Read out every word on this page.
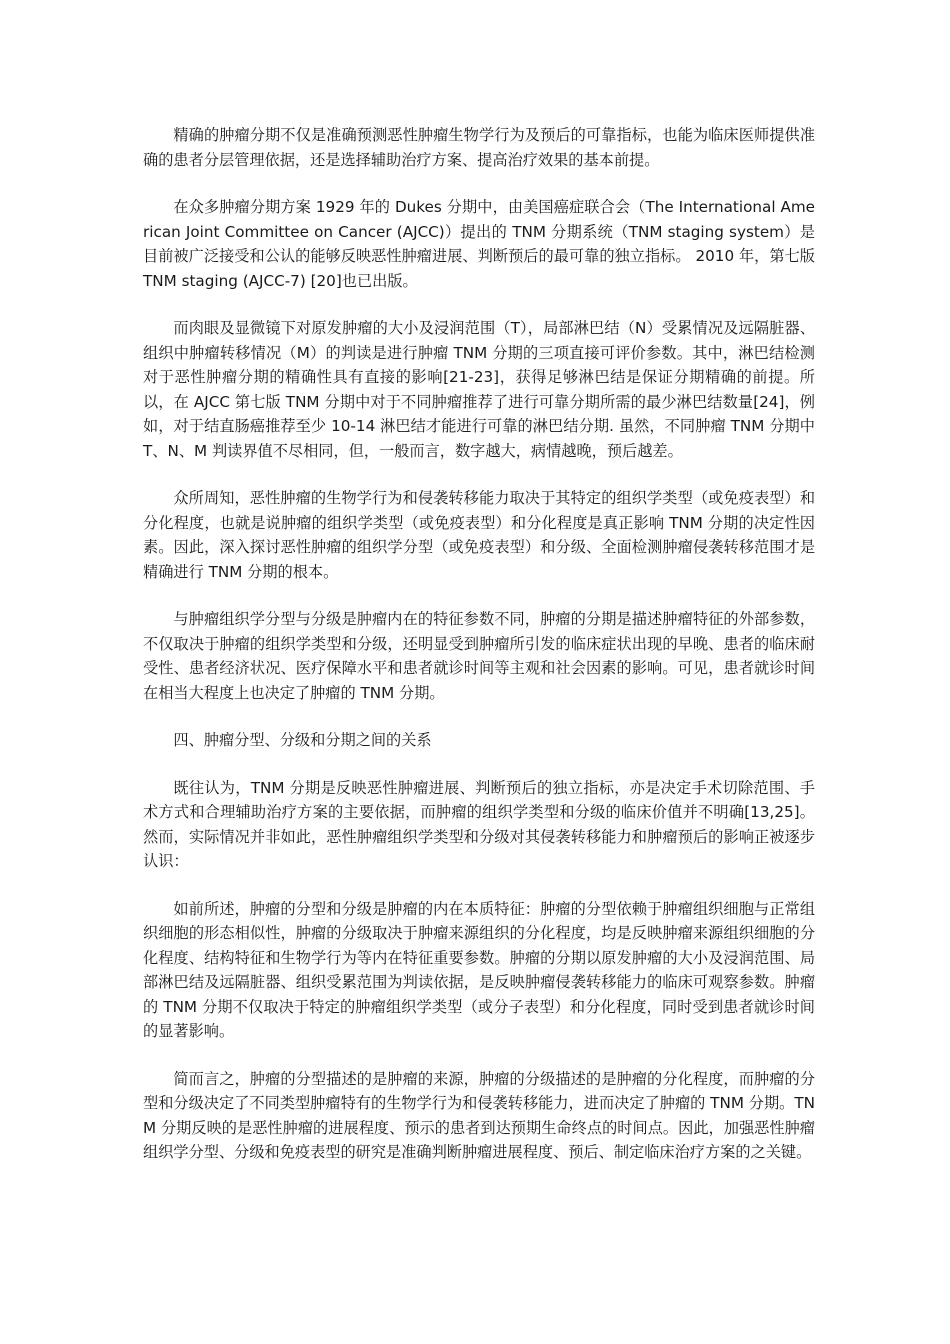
精确的肿瘤分期不仅是准确预测恶性肿瘤生物学行为及预后的可靠指标，也能为临床医师提供准确的患者分层管理依据，还是选择辅助治疗方案、提高治疗效果的基本前提。

在众多肿瘤分期方案 1929 年的 Dukes 分期中，由美国癌症联合会（The International American Joint Committee on Cancer (AJCC)）提出的 TNM 分期系统（TNM staging system）是目前被广泛接受和公认的能够反映恶性肿瘤进展、判断预后的最可靠的独立指标。 2010 年，第七版 TNM staging (AJCC-7) [20]也已出版。

而肉眼及显微镜下对原发肿瘤的大小及浸润范围（T），局部淋巴结（N）受累情况及远隔脏器、组织中肿瘤转移情况（M）的判读是进行肿瘤 TNM 分期的三项直接可评价参数。其中，淋巴结检测对于恶性肿瘤分期的精确性具有直接的影响[21-23]，获得足够淋巴结是保证分期精确的前提。所以，在 AJCC 第七版 TNM 分期中对于不同肿瘤推荐了进行可靠分期所需的最少淋巴结数量[24]，例如，对于结直肠癌推荐至少 10-14 淋巴结才能进行可靠的淋巴结分期. 虽然，不同肿瘤 TNM 分期中 T、N、M 判读界值不尽相同，但，一般而言，数字越大，病情越晚，预后越差。

众所周知，恶性肿瘤的生物学行为和侵袭转移能力取决于其特定的组织学类型（或免疫表型）和分化程度，也就是说肿瘤的组织学类型（或免疫表型）和分化程度是真正影响 TNM 分期的决定性因素。因此，深入探讨恶性肿瘤的组织学分型（或免疫表型）和分级、全面检测肿瘤侵袭转移范围才是精确进行 TNM 分期的根本。

与肿瘤组织学分型与分级是肿瘤内在的特征参数不同，肿瘤的分期是描述肿瘤特征的外部参数，不仅取决于肿瘤的组织学类型和分级，还明显受到肿瘤所引发的临床症状出现的早晚、患者的临床耐受性、患者经济状况、医疗保障水平和患者就诊时间等主观和社会因素的影响。可见，患者就诊时间在相当大程度上也决定了肿瘤的 TNM 分期。

四、肿瘤分型、分级和分期之间的关系

既往认为，TNM 分期是反映恶性肿瘤进展、判断预后的独立指标，亦是决定手术切除范围、手术方式和合理辅助治疗方案的主要依据，而肿瘤的组织学类型和分级的临床价值并不明确[13,25]。然而，实际情况并非如此，恶性肿瘤组织学类型和分级对其侵袭转移能力和肿瘤预后的影响正被逐步认识：

如前所述，肿瘤的分型和分级是肿瘤的内在本质特征：肿瘤的分型依赖于肿瘤组织细胞与正常组织细胞的形态相似性，肿瘤的分级取决于肿瘤来源组织的分化程度，均是反映肿瘤来源组织细胞的分化程度、结构特征和生物学行为等内在特征重要参数。肿瘤的分期以原发肿瘤的大小及浸润范围、局部淋巴结及远隔脏器、组织受累范围为判读依据，是反映肿瘤侵袭转移能力的临床可观察参数。肿瘤的 TNM 分期不仅取决于特定的肿瘤组织学类型（或分子表型）和分化程度，同时受到患者就诊时间的显著影响。

简而言之，肿瘤的分型描述的是肿瘤的来源，肿瘤的分级描述的是肿瘤的分化程度，而肿瘤的分型和分级决定了不同类型肿瘤特有的生物学行为和侵袭转移能力，进而决定了肿瘤的 TNM 分期。TNM 分期反映的是恶性肿瘤的进展程度、预示的患者到达预期生命终点的时间点。因此，加强恶性肿瘤组织学分型、分级和免疫表型的研究是准确判断肿瘤进展程度、预后、制定临床治疗方案的之关键。
